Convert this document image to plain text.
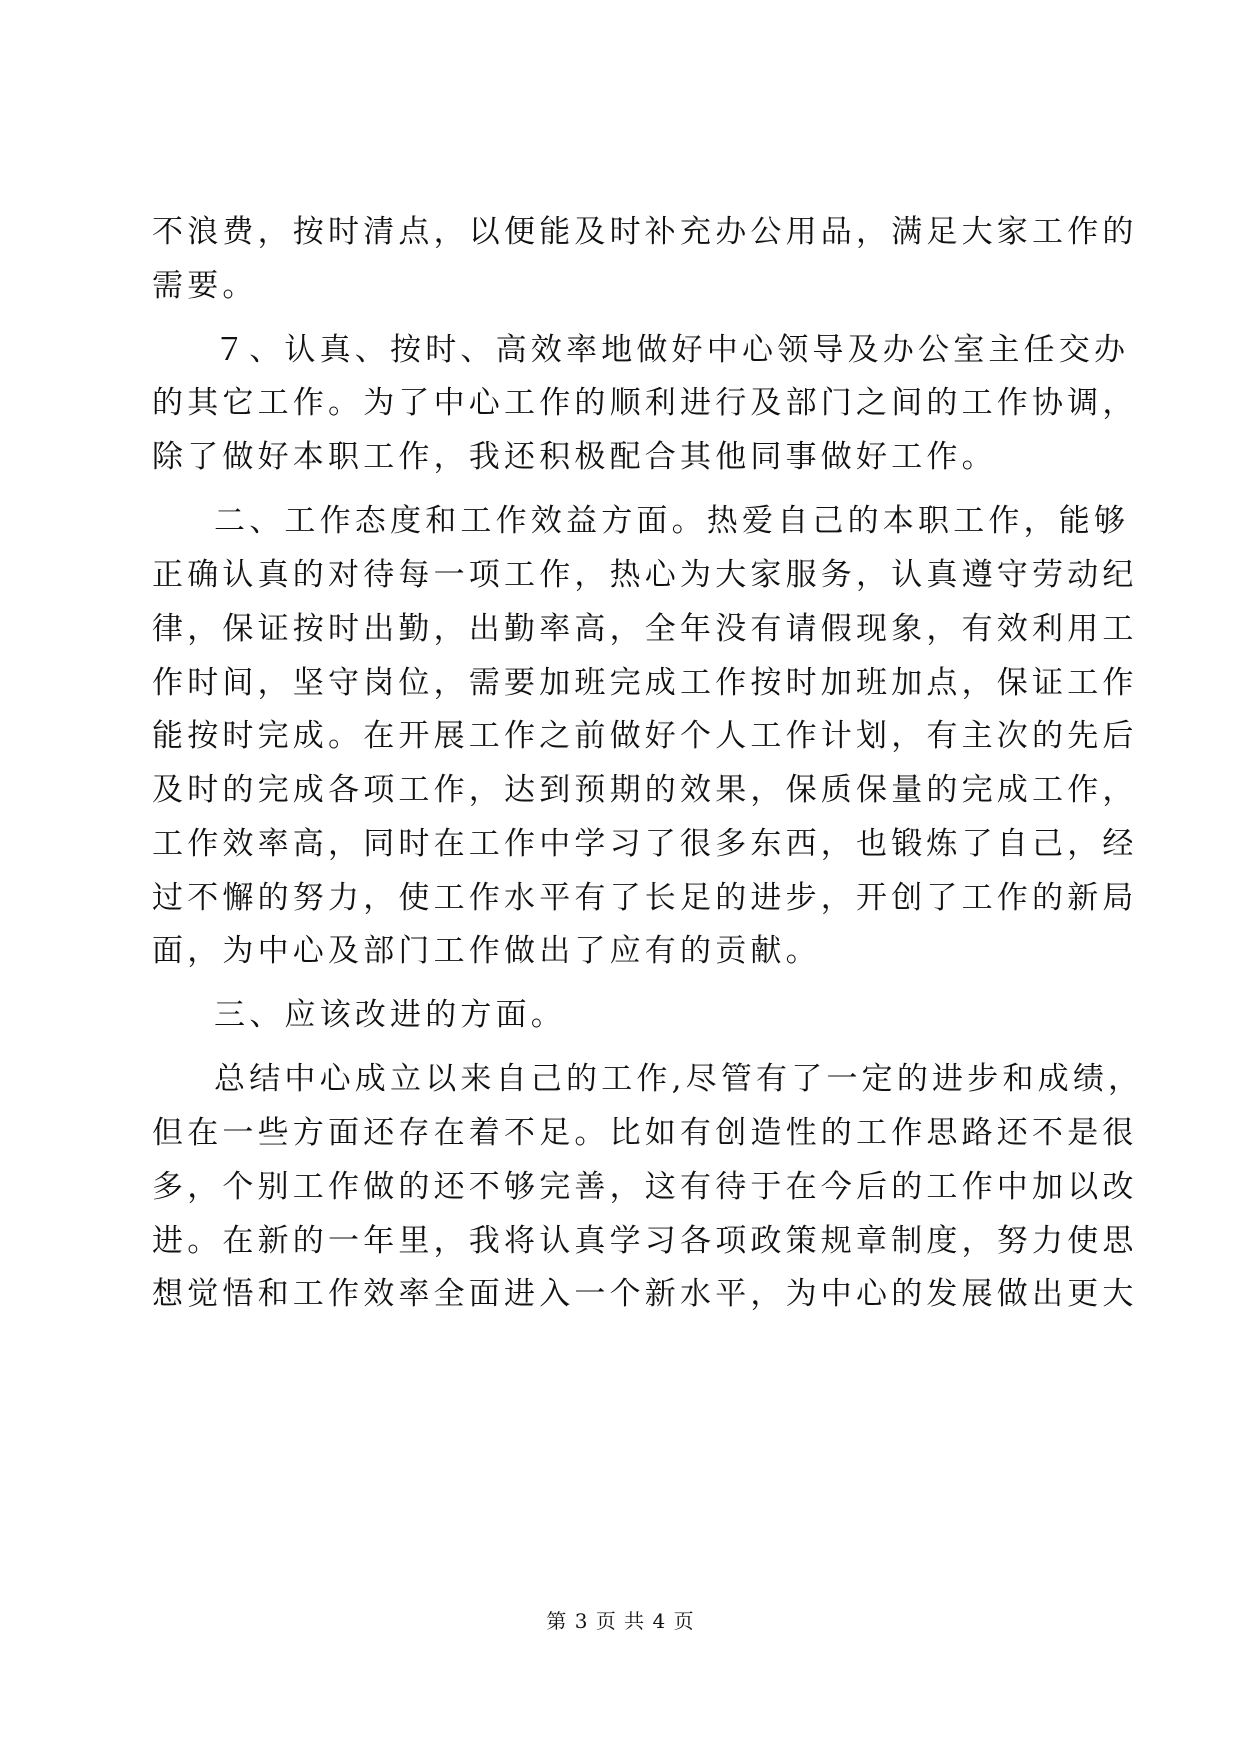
不浪费，按时清点，以便能及时补充办公用品，满足大家工作的
需要。
７、认真、按时、高效率地做好中心领导及办公室主任交办
的其它工作。为了中心工作的顺利进行及部门之间的工作协调，
除了做好本职工作，我还积极配合其他同事做好工作。
二、工作态度和工作效益方面。热爱自己的本职工作，能够
正确认真的对待每一项工作，热心为大家服务，认真遵守劳动纪
律，保证按时出勤，出勤率高，全年没有请假现象，有效利用工
作时间，坚守岗位，需要加班完成工作按时加班加点，保证工作
能按时完成。在开展工作之前做好个人工作计划，有主次的先后
及时的完成各项工作，达到预期的效果，保质保量的完成工作，
工作效率高，同时在工作中学习了很多东西，也锻炼了自己，经
过不懈的努力，使工作水平有了长足的进步，开创了工作的新局
面，为中心及部门工作做出了应有的贡献。
三、应该改进的方面。
总结中心成立以来自己的工作,尽管有了一定的进步和成绩，
但在一些方面还存在着不足。比如有创造性的工作思路还不是很
多，个别工作做的还不够完善，这有待于在今后的工作中加以改
进。在新的一年里，我将认真学习各项政策规章制度，努力使思
想觉悟和工作效率全面进入一个新水平，为中心的发展做出更大
第 3 页 共 4 页
